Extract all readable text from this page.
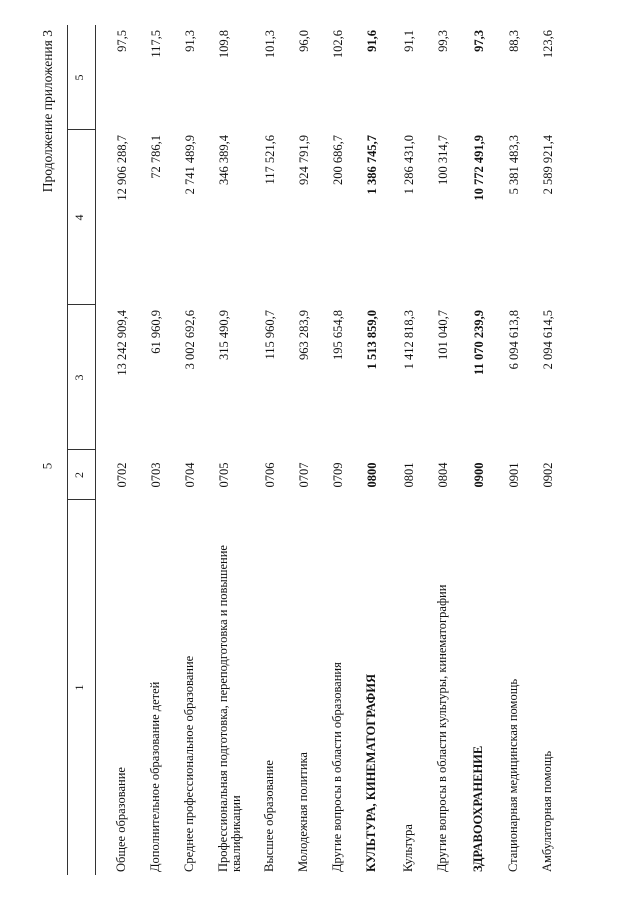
5
Продолжение приложения 3
1
2
3
4
5
Общее образование
0702
13 242 909,4
12 906 288,7
97,5
Дополнительное образование детей
0703
61 960,9
72 786,1
117,5
Среднее профессиональное образование
0704
3 002 692,6
2 741 489,9
91,3
Профессиональная подготовка, переподготовка и повышение квалификации
0705
315 490,9
346 389,4
109,8
Высшее образование
0706
115 960,7
117 521,6
101,3
Молодежная политика
0707
963 283,9
924 791,9
96,0
Другие вопросы в области образования
0709
195 654,8
200 686,7
102,6
КУЛЬТУРА, КИНЕМАТОГРАФИЯ
0800
1 513 859,0
1 386 745,7
91,6
Культура
0801
1 412 818,3
1 286 431,0
91,1
Другие вопросы в области культуры, кинематографии
0804
101 040,7
100 314,7
99,3
ЗДРАВООХРАНЕНИЕ
0900
11 070 239,9
10 772 491,9
97,3
Стационарная медицинская помощь
0901
6 094 613,8
5 381 483,3
88,3
Амбулаторная помощь
0902
2 094 614,5
2 589 921,4
123,6
